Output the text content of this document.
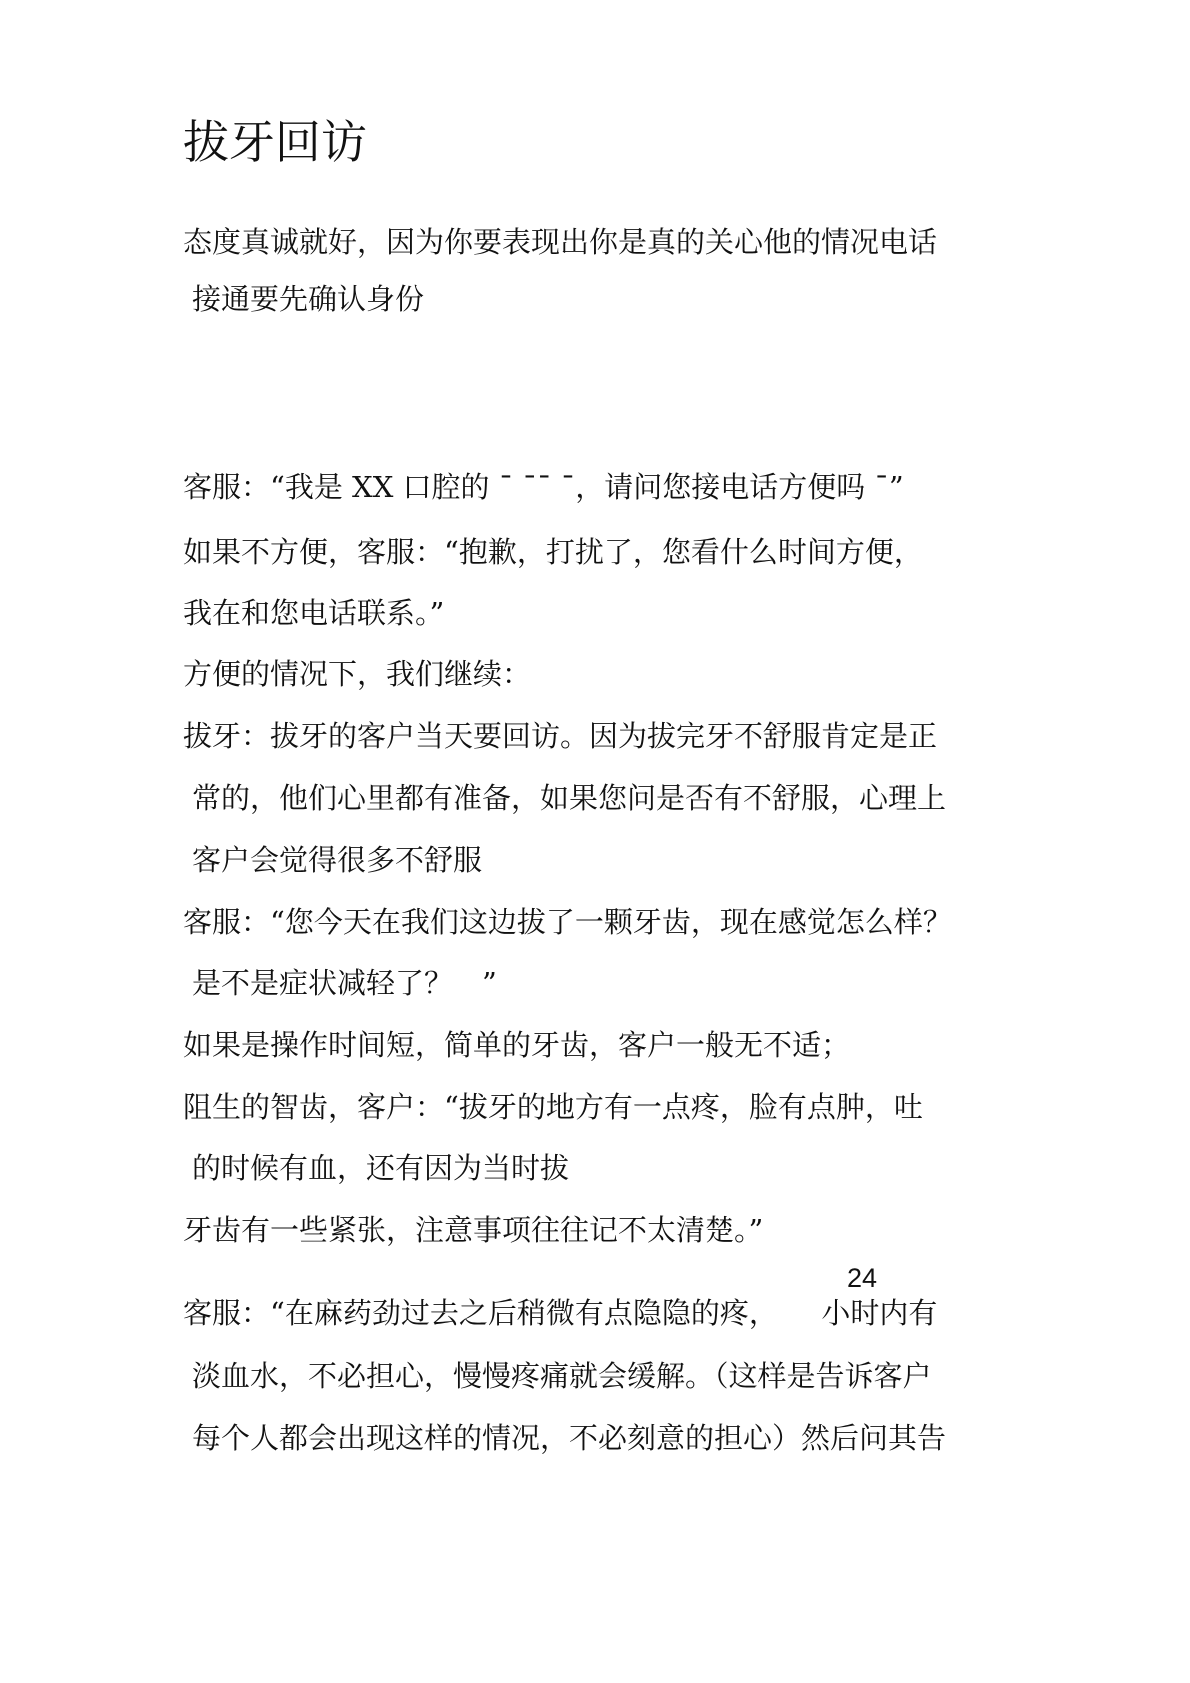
拔牙回访

态度真诚就好，因为你要表现出你是真的关心他的情况电话

接通要先确认身份

客服：“我是 XX 口腔的 ˉ ˉˉ ˉ，请问您接电话方便吗 ˉ”

如果不方便，客服：“抱歉，打扰了，您看什么时间方便，

我在和您电话联系。”

方便的情况下，我们继续：

拔牙：拔牙的客户当天要回访。因为拔完牙不舒服肯定是正

常的，他们心里都有准备，如果您问是否有不舒服，心理上

客户会觉得很多不舒服

客服：“您今天在我们这边拔了一颗牙齿，现在感觉怎么样？

是不是症状减轻了？　”

如果是操作时间短，简单的牙齿，客户一般无不适；

阻生的智齿，客户：“拔牙的地方有一点疼，脸有点肿，吐

的时候有血，还有因为当时拔

牙齿有一些紧张，注意事项往往记不太清楚。”

客服：“在麻药劲过去之后稍微有点隐隐的疼，　　小时内有

24

淡血水，不必担心，慢慢疼痛就会缓解。（这样是告诉客户

每个人都会出现这样的情况，不必刻意的担心）然后问其告
